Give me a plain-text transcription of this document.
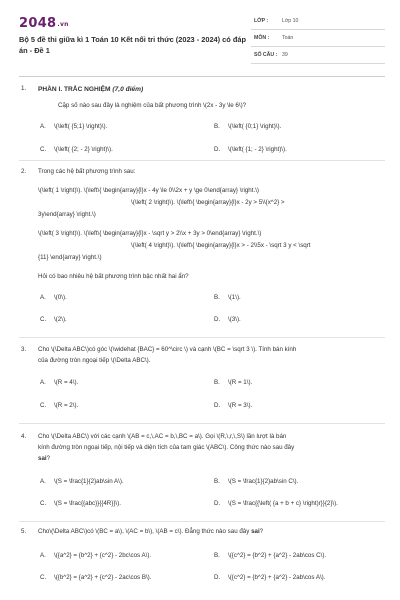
2048.vn
Bộ 5 đề thi giữa kì 1 Toán 10 Kết nối tri thức (2023 - 2024) có đáp án - Đề 1
LỚP :	Lớp 10
MÔN : Toán
SỐ CÂU : 39
1. PHẦN I. TRẮC NGHIỆM (7,0 điểm)
Cặp số nào sau đây là nghiệm của bất phương trình \(2x - 3y \le 6\)?
A. \(\left( {5;1} \right)\).	B. \(\left( {0;1} \right)\).
C. \(\left( {2; - 2} \right)\).	D. \(\left( {1; - 2} \right)\).
2. Trong các hệ bất phương trình sau:
\(\left( 1 \right)\). \(\left\{ \begin{array}{l}x - 4y \le 0\\2x + y \ge 0\end{array} \right.\)
\(\left( 2 \right)\). \(\left\{ \begin{array}{l}x - 2y > 5\\{x^2} >
3y\end{array} \right.\)
\(\left( 3 \right)\). \(\left\{ \begin{array}{l}x - \sqrt y > 2\\x + 3y > 0\end{array} \right.\)
\(\left( 4 \right)\). \(\left\{ \begin{array}{l}x > - 2\\5x - \sqrt 3 y < \sqrt
{11} \end{array} \right.\)
Hỏi có bao nhiêu hệ bất phương trình bậc nhất hai ẩn?
A. \(0\).	B. \(1\).
C. \(2\).	D. \(3\).
3. Cho \(\Delta ABC\)có góc \(\widehat {BAC} = 60^\circ \) và cạnh \(BC = \sqrt 3 \). Tính bán kính
của đường tròn ngoại tiếp \(\Delta ABC\).
A. \(R = 4\).	B. \(R = 1\).
C. \(R = 2\).	D. \(R = 3\).
4. Cho \(\Delta ABC\) với các cạnh \(AB = c,\,AC = b,\,BC = a\). Gọi \(R,\,r,\,S\) lần lượt là bán
kính đường tròn ngoại tiếp, nội tiếp và diện tích của tam giác \(ABC\). Công thức nào sau đây
sai?
A. \(S = \frac{1}{2}ab\sin A\).	B. \(S = \frac{1}{2}ab\sin C\).
C. \(S = \frac{{abc}}{{4R}}\).	D. \(S = \frac{{\left( {a + b + c} \right)r}}{2}\).
5. Cho\(\Delta ABC\)có \(BC = a\), \(AC = b\), \(AB = c\). Đẳng thức nào sau đây sai?
A. \({a^2} = {b^2} + {c^2} - 2bc\cos A\).	B. \({c^2} = {b^2} + {a^2} - 2ab\cos C\).
C. \({b^2} = {a^2} + {c^2} - 2ac\cos B\).	D. \({c^2} = {b^2} + {a^2} - 2ab\cos A\).
